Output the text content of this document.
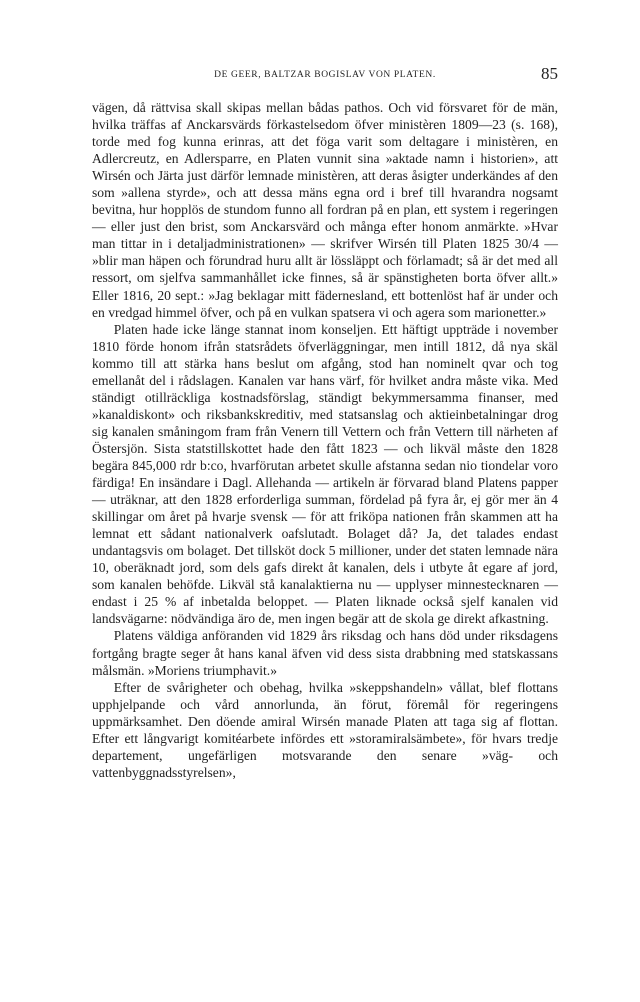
DE GEER, BALTZAR BOGISLAV VON PLATEN.	85

vägen, då rättvisa skall skipas mellan bådas pathos. Och vid försvaret för de män, hvilka träffas af Anckarsvärds förkastelsedom öfver ministèren 1809—23 (s. 168), torde med fog kunna erinras, att det föga varit som deltagare i ministèren, en Adlercreutz, en Adlersparre, en Platen vunnit sina »aktade namn i historien», att Wirsén och Järta just därför lemnade ministèren, att deras åsigter underkändes af den som »allena styrde», och att dessa mäns egna ord i bref till hvarandra nogsamt bevitna, hur hopplös de stundom funno all fordran på en plan, ett system i regeringen — eller just den brist, som Anckarsvärd och många efter honom anmärkte. »Hvar man tittar in i detaljadministrationen» — skrifver Wirsén till Platen 1825 30/4 — »blir man häpen och förundrad huru allt är lössläppt och förlamadt; så är det med all ressort, om sjelfva sammanhållet icke finnes, så är spänstigheten borta öfver allt.» Eller 1816, 20 sept.: »Jag beklagar mitt fädernesland, ett bottenlöst haf är under och en vredgad himmel öfver, och på en vulkan spatsera vi och agera som marionetter.»

Platen hade icke länge stannat inom konseljen. Ett häftigt uppträde i november 1810 förde honom ifrån statsrådets öfverläggningar, men intill 1812, då nya skäl kommo till att stärka hans beslut om afgång, stod han nominelt qvar och tog emellanåt del i rådslagen. Kanalen var hans värf, för hvilket andra måste vika. Med ständigt otillräckliga kostnadsförslag, ständigt bekymmersamma finanser, med »kanaldiskont» och riksbankskreditiv, med statsanslag och aktieinbetalningar drog sig kanalen småningom fram från Venern till Vettern och från Vettern till närheten af Östersjön. Sista statstillskottet hade den fått 1823 — och likväl måste den 1828 begära 845,000 rdr b:co, hvarförutan arbetet skulle afstanna sedan nio tiondelar voro färdiga! En insändare i Dagl. Allehanda — artikeln är förvarad bland Platens papper — uträknar, att den 1828 erforderliga summan, fördelad på fyra år, ej gör mer än 4 skillingar om året på hvarje svensk — för att friköpa nationen från skammen att ha lemnat ett sådant nationalverk oafslutadt. Bolaget då? Ja, det talades endast undantagsvis om bolaget. Det tillsköt dock 5 millioner, under det staten lemnade nära 10, oberäknadt jord, som dels gafs direkt åt kanalen, dels i utbyte åt egare af jord, som kanalen behöfde. Likväl stå kanalaktierna nu — upplyser minnestecknaren — endast i 25 % af inbetalda beloppet. — Platen liknade också sjelf kanalen vid landsvägarne: nödvändiga äro de, men ingen begär att de skola ge direkt afkastning.

Platens väldiga anföranden vid 1829 års riksdag och hans död under riksdagens fortgång bragte seger åt hans kanal äfven vid dess sista drabbning med statskassans målsmän. »Moriens triumphavit.»

Efter de svårigheter och obehag, hvilka »skeppshandeln» vållat, blef flottans upphjelpande och vård annorlunda, än förut, föremål för regeringens uppmärksamhet. Den döende amiral Wirsén manade Platen att taga sig af flottan. Efter ett långvarigt komitéarbete infördes ett »storamiralsämbete», för hvars tredje departement, ungefärligen motsvarande den senare »väg- och vattenbyggnadsstyrelsen»,
